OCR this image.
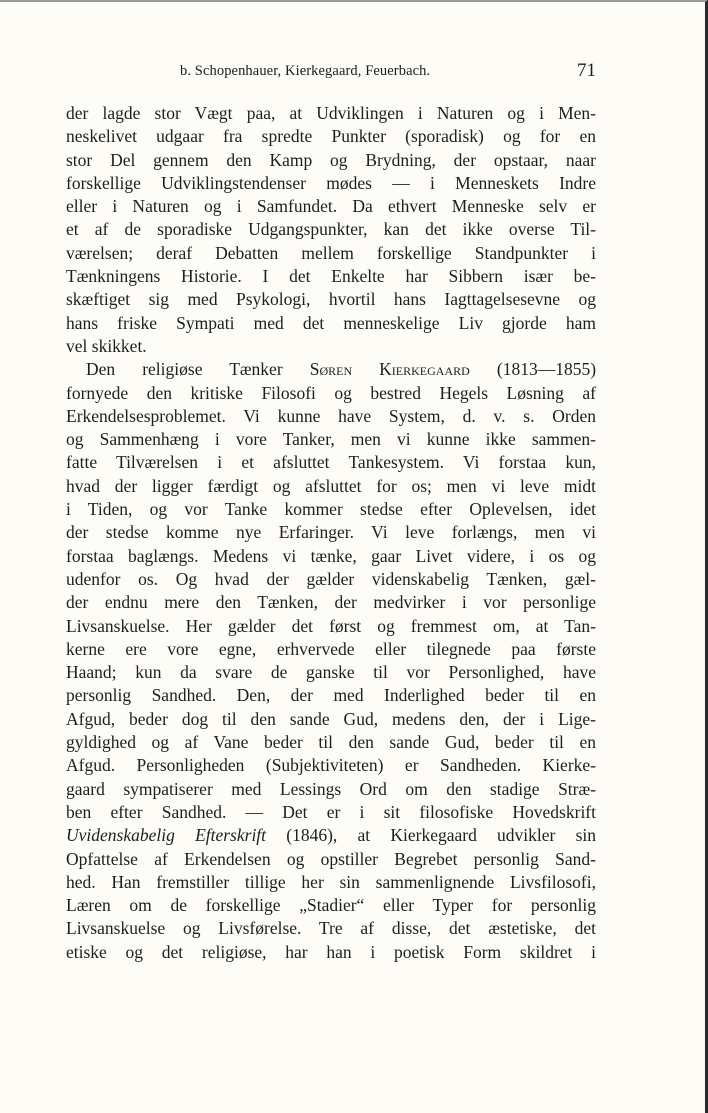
b. Schopenhauer, Kierkegaard, Feuerbach.	71
der lagde stor Vægt paa, at Udviklingen i Naturen og i Men-
neskelivet udgaar fra spredte Punkter (sporadisk) og for en
stor Del gennem den Kamp og Brydning, der opstaar, naar
forskellige Udviklingstendenser mødes — i Menneskets Indre
eller i Naturen og i Samfundet. Da ethvert Menneske selv er
et af de sporadiske Udgangspunkter, kan det ikke overse Til-
værelsen; deraf Debatten mellem forskellige Standpunkter i
Tænkningens Historie. I det Enkelte har Sibbern især be-
skæftiget sig med Psykologi, hvortil hans Iagttagelsesevne og
hans friske Sympati med det menneskelige Liv gjorde ham
vel skikket.
Den religiøse Tænker Søren Kierkegaard (1813—1855)
fornyede den kritiske Filosofi og bestred Hegels Løsning af
Erkendelsesproblemet. Vi kunne have System, d. v. s. Orden
og Sammenhæng i vore Tanker, men vi kunne ikke sammen-
fatte Tilværelsen i et afsluttet Tankesystem. Vi forstaa kun,
hvad der ligger færdigt og afsluttet for os; men vi leve midt
i Tiden, og vor Tanke kommer stedse efter Oplevelsen, idet
der stedse komme nye Erfaringer. Vi leve forlængs, men vi
forstaa baglængs. Medens vi tænke, gaar Livet videre, i os og
udenfor os. Og hvad der gælder videnskabelig Tænken, gæl-
der endnu mere den Tænken, der medvirker i vor personlige
Livsanskuelse. Her gælder det først og fremmest om, at Tan-
kerne ere vore egne, erhvervede eller tilegnede paa første
Haand; kun da svare de ganske til vor Personlighed, have
personlig Sandhed. Den, der med Inderlighed beder til en
Afgud, beder dog til den sande Gud, medens den, der i Lige-
gyldighed og af Vane beder til den sande Gud, beder til en
Afgud. Personligheden (Subjektiviteten) er Sandheden. Kierke-
gaard sympatiserer med Lessings Ord om den stadige Stræ-
ben efter Sandhed. — Det er i sit filosofiske Hovedskrift
Uvidenskabelig Efterskrift (1846), at Kierkegaard udvikler sin
Opfattelse af Erkendelsen og opstiller Begrebet personlig Sand-
hed. Han fremstiller tillige her sin sammenlignende Livsfilosofi,
Læren om de forskellige „Stadier“ eller Typer for personlig
Livsanskuelse og Livsførelse. Tre af disse, det æstetiske, det
etiske og det religiøse, har han i poetisk Form skildret i
